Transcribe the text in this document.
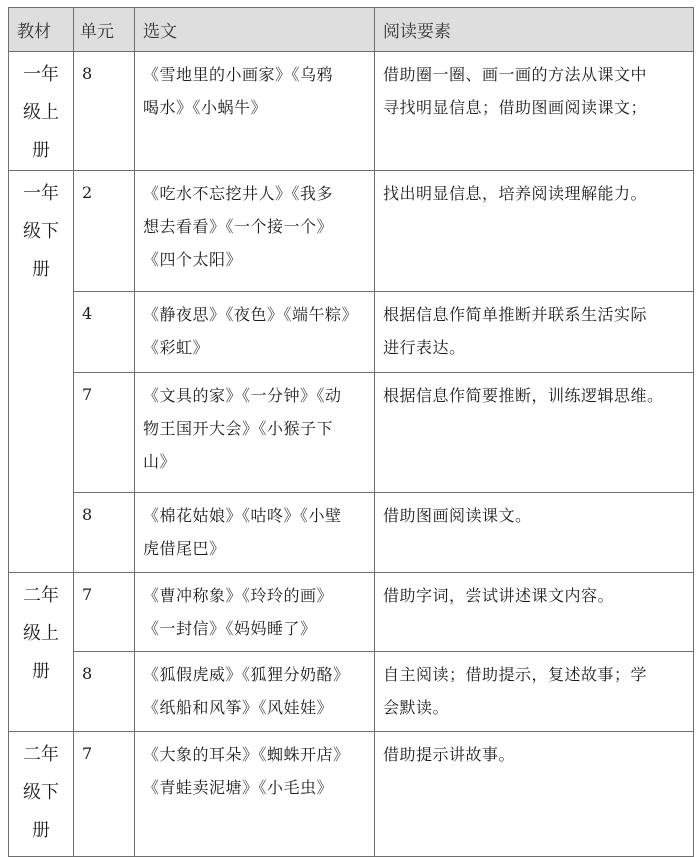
教材	单元	选文	阅读要素

一年
级上
册	8	《雪地里的小画家》《乌鸦
喝水》《小蜗牛》	借助圈一圈、画一画的方法从课文中
寻找明显信息；借助图画阅读课文；

一年
级下
册	2	《吃水不忘挖井人》《我多
想去看看》《一个接一个》
《四个太阳》	找出明显信息，培养阅读理解能力。

	4	《静夜思》《夜色》《端午粽》
《彩虹》	根据信息作简单推断并联系生活实际
进行表达。

	7	《文具的家》《一分钟》《动
物王国开大会》《小猴子下
山》	根据信息作简要推断，训练逻辑思维。

	8	《棉花姑娘》《咕咚》《小壁
虎借尾巴》	借助图画阅读课文。

二年
级上
册	7	《曹冲称象》《玲玲的画》
《一封信》《妈妈睡了》	借助字词，尝试讲述课文内容。

	8	《狐假虎威》《狐狸分奶酪》
《纸船和风筝》《风娃娃》	自主阅读；借助提示，复述故事；学
会默读。

二年
级下
册	7	《大象的耳朵》《蜘蛛开店》
《青蛙卖泥塘》《小毛虫》	借助提示讲故事。
